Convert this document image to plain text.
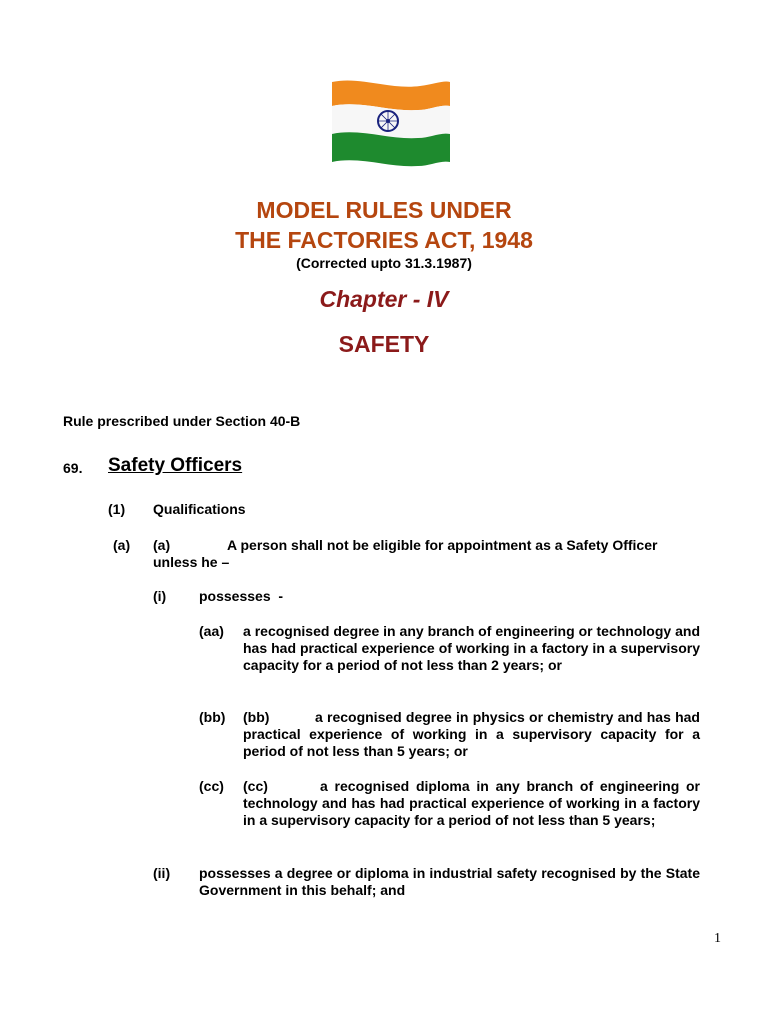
MODEL RULES UNDER
THE FACTORIES ACT, 1948
(Corrected upto 31.3.1987)
Chapter - IV
SAFETY
Rule prescribed under Section 40-B
69. Safety Officers
(1) Qualifications
(a) (a)	A person shall not be eligible for appointment as a Safety Officer
unless he –
(i) possesses  -
(aa) a recognised degree in any branch of engineering or technology and has had practical experience of working in a factory in a supervisory capacity for a period of not less than 2 years; or
(bb) (bb)	a recognised degree in physics or chemistry and has had practical experience of working in a supervisory capacity for a period of not less than 5 years; or
(cc) (cc)	a recognised diploma in any branch of engineering or technology and has had practical experience of working in a factory in a supervisory capacity for a period of not less than 5 years;
(ii) possesses a degree or diploma in industrial safety recognised by the State Government in this behalf; and
1
